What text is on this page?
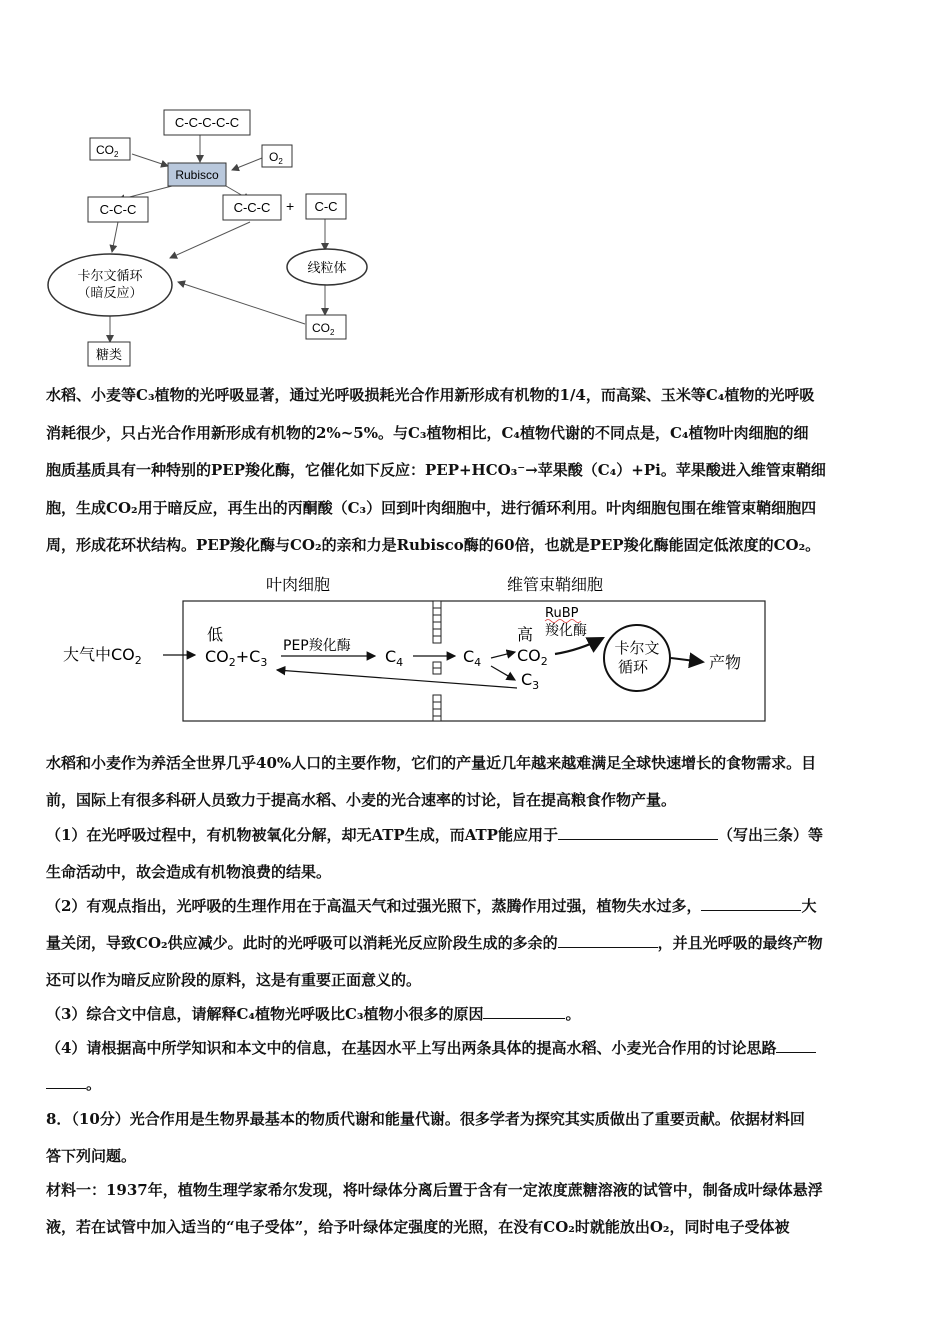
C-C-C-C-C
$CO_2$
Rubisco
$O_2$
C-C-C	C-C-C + C-C
卡尔文循环
（暗反应）
线粒体
$CO_2$
糖类
水稻、小麦等C₃植物的光呼吸显著，通过光呼吸损耗光合作用新形成有机物的1/4，而高粱、玉米等C₄植物的光呼吸
消耗很少，只占光合作用新形成有机物的2%~5%。与C₃植物相比，C₄植物代谢的不同点是，C₄植物叶肉细胞的细
胞质基质具有一种特别的PEP羧化酶，它催化如下反应：PEP+HCO₃⁻→苹果酸（C₄）+Pi。苹果酸进入维管束鞘细
胞，生成CO₂用于暗反应，再生出的丙酮酸（C₃）回到叶肉细胞中，进行循环利用。叶肉细胞包围在维管束鞘细胞四
周，形成花环状结构。PEP羧化酶与CO₂的亲和力是Rubisco酶的60倍，也就是PEP羧化酶能固定低浓度的CO₂。
叶肉细胞	维管束鞘细胞
大气中$CO_2$
低
$CO_2+C_3$
PEP羧化酶
$C_4$	$C_4$
高
$CO_2$
$C_3$
RuBP
羧化酶
卡尔文
循环	产物
水稻和小麦作为养活全世界几乎40%人口的主要作物，它们的产量近几年越来越难满足全球快速增长的食物需求。目
前，国际上有很多科研人员致力于提高水稻、小麦的光合速率的讨论，旨在提高粮食作物产量。
（1）在光呼吸过程中，有机物被氧化分解，却无ATP生成，而ATP能应用于	（写出三条）等
生命活动中，故会造成有机物浪费的结果。
（2）有观点指出，光呼吸的生理作用在于高温天气和过强光照下，蒸腾作用过强，植物失水过多，	大
量关闭，导致CO₂供应减少。此时的光呼吸可以消耗光反应阶段生成的多余的	，并且光呼吸的最终产物
还可以作为暗反应阶段的原料，这是有重要正面意义的。
（3）综合文中信息，请解释C₄植物光呼吸比C₃植物小很多的原因	。
（4）请根据高中所学知识和本文中的信息，在基因水平上写出两条具体的提高水稻、小麦光合作用的讨论思路
。
8．（10分）光合作用是生物界最基本的物质代谢和能量代谢。很多学者为探究其实质做出了重要贡献。依据材料回
答下列问题。
材料一：1937年，植物生理学家希尔发现，将叶绿体分离后置于含有一定浓度蔗糖溶液的试管中，制备成叶绿体悬浮
液，若在试管中加入适当的“电子受体”，给予叶绿体定强度的光照，在没有CO₂时就能放出O₂，同时电子受体被
